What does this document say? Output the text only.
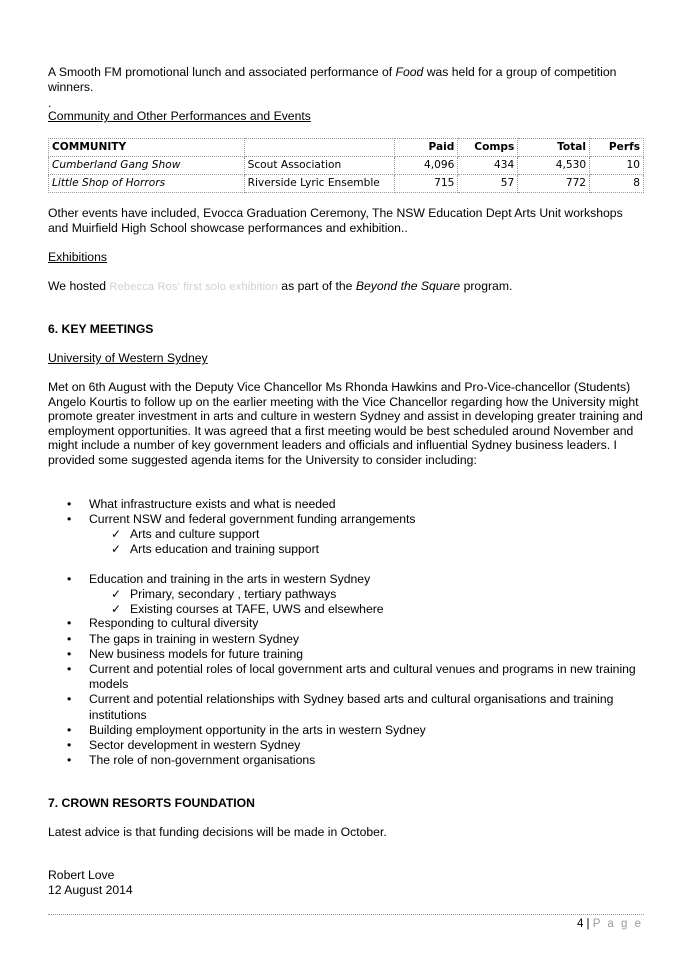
A Smooth FM promotional lunch and associated performance of Food was held for a group of competition winners.
.
Community and Other Performances and Events
COMMUNITY		Paid	Comps	Total	Perfs
Cumberland Gang Show	Scout Association	4,096	434	4,530	10
Little Shop of Horrors	Riverside Lyric Ensemble	715	57	772	8
Other events have included, Evocca Graduation Ceremony, The NSW Education Dept Arts Unit workshops and Muirfield High School showcase performances and exhibition..
Exhibitions
We hosted Rebecca Ros' first solo exhibition as part of the Beyond the Square program.
6. KEY MEETINGS
University of Western Sydney
Met on 6th August with the Deputy Vice Chancellor Ms Rhonda Hawkins and Pro-Vice-chancellor (Students) Angelo Kourtis to follow up on the earlier meeting with the Vice Chancellor regarding how the University might promote greater investment in arts and culture in western Sydney and assist in developing greater training and employment opportunities. It was agreed that a first meeting would be best scheduled around November and might include a number of key government leaders and officials and influential Sydney business leaders. I provided some suggested agenda items for the University to consider including:
• What infrastructure exists and what is needed
• Current NSW and federal government funding arrangements
✓ Arts and culture support
✓ Arts education and training support
• Education and training in the arts in western Sydney
✓ Primary, secondary , tertiary pathways
✓ Existing courses at TAFE, UWS and elsewhere
• Responding to cultural diversity
• The gaps in training in western Sydney
• New business models for future training
• Current and potential roles of local government arts and cultural venues and programs in new training models
• Current and potential relationships with Sydney based arts and cultural organisations and training institutions
• Building employment opportunity in the arts in western Sydney
• Sector development in western Sydney
• The role of non-government organisations
7. CROWN RESORTS FOUNDATION
Latest advice is that funding decisions will be made in October.
Robert Love
12 August 2014
4 | P a g e
